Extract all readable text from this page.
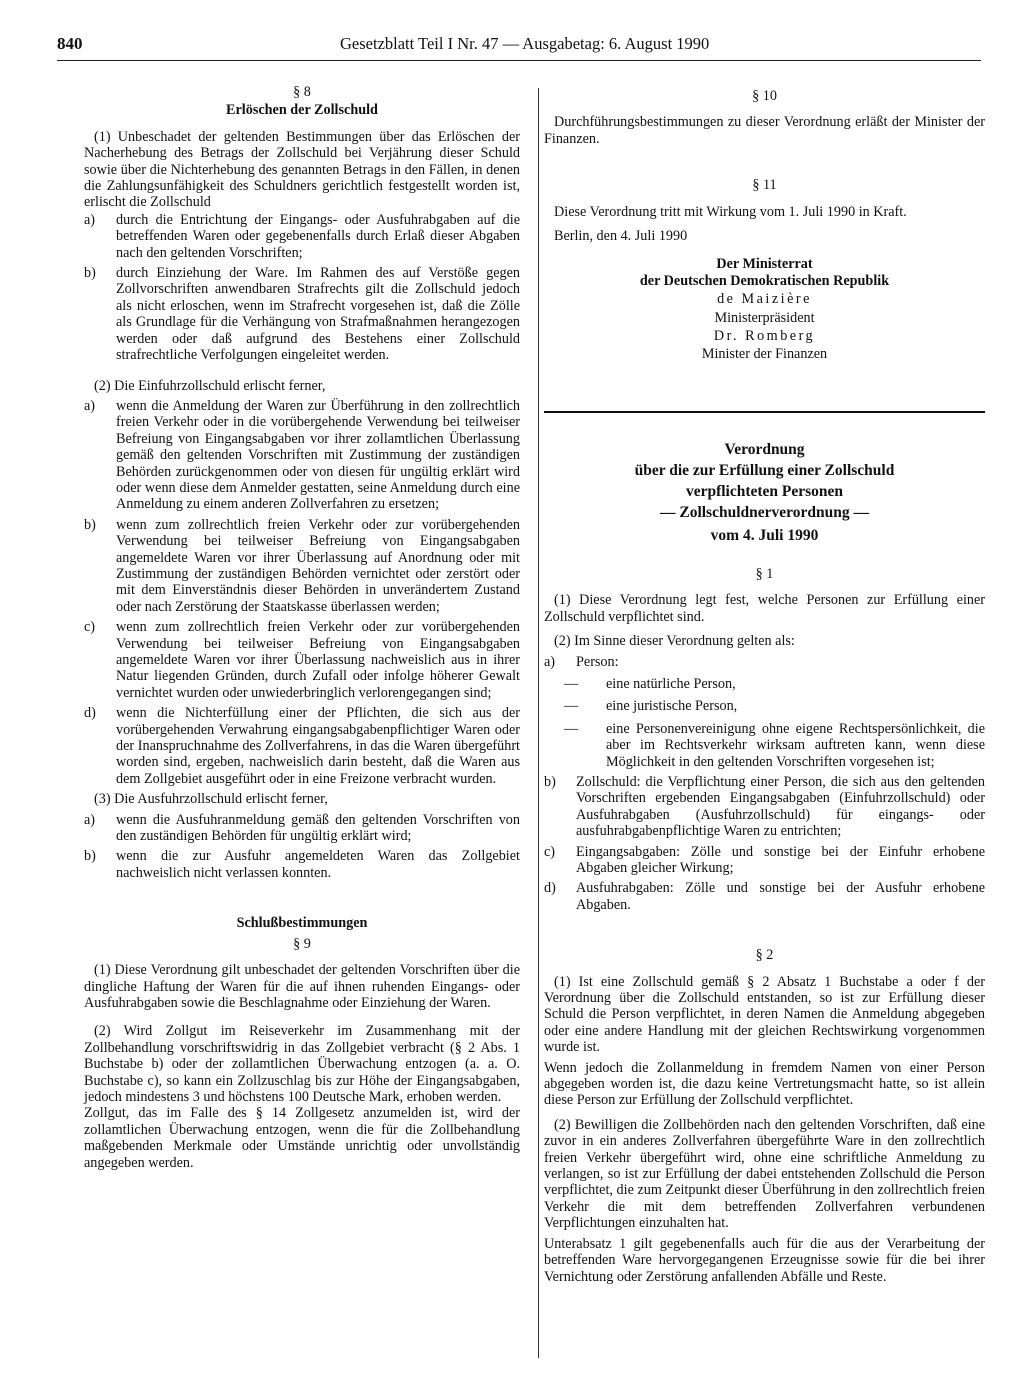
840	Gesetzblatt Teil I Nr. 47 — Ausgabetag: 6. August 1990

§ 8

Erlöschen der Zollschuld

(1) Unbeschadet der geltenden Bestimmungen über das Erlöschen der Nacherhebung des Betrags der Zollschuld bei Verjährung dieser Schuld sowie über die Nichterhebung des genannten Betrags in den Fällen, in denen die Zahlungsunfähigkeit des Schuldners gerichtlich festgestellt worden ist, erlischt die Zollschuld

a) durch die Entrichtung der Eingangs- oder Ausfuhrabgaben auf die betreffenden Waren oder gegebenenfalls durch Erlaß dieser Abgaben nach den geltenden Vorschriften;

b) durch Einziehung der Ware. Im Rahmen des auf Verstöße gegen Zollvorschriften anwendbaren Strafrechts gilt die Zollschuld jedoch als nicht erloschen, wenn im Strafrecht vorgesehen ist, daß die Zölle als Grundlage für die Verhängung von Strafmaßnahmen herangezogen werden oder daß aufgrund des Bestehens einer Zollschuld strafrechtliche Verfolgungen eingeleitet werden.

(2) Die Einfuhrzollschuld erlischt ferner,

a) wenn die Anmeldung der Waren zur Überführung in den zollrechtlich freien Verkehr oder in die vorübergehende Verwendung bei teilweiser Befreiung von Eingangsabgaben vor ihrer zollamtlichen Überlassung gemäß den geltenden Vorschriften mit Zustimmung der zuständigen Behörden zurückgenommen oder von diesen für ungültig erklärt wird oder wenn diese dem Anmelder gestatten, seine Anmeldung durch eine Anmeldung zu einem anderen Zollverfahren zu ersetzen;

b) wenn zum zollrechtlich freien Verkehr oder zur vorübergehenden Verwendung bei teilweiser Befreiung von Eingangsabgaben angemeldete Waren vor ihrer Überlassung auf Anordnung oder mit Zustimmung der zuständigen Behörden vernichtet oder zerstört oder mit dem Einverständnis dieser Behörden in unverändertem Zustand oder nach Zerstörung der Staatskasse überlassen werden;

c) wenn zum zollrechtlich freien Verkehr oder zur vorübergehenden Verwendung bei teilweiser Befreiung von Eingangsabgaben angemeldete Waren vor ihrer Überlassung nachweislich aus in ihrer Natur liegenden Gründen, durch Zufall oder infolge höherer Gewalt vernichtet wurden oder unwiederbringlich verlorengegangen sind;

d) wenn die Nichterfüllung einer der Pflichten, die sich aus der vorübergehenden Verwahrung eingangsabgabenpflichtiger Waren oder der Inanspruchnahme des Zollverfahrens, in das die Waren übergeführt worden sind, ergeben, nachweislich darin besteht, daß die Waren aus dem Zollgebiet ausgeführt oder in eine Freizone verbracht wurden.

(3) Die Ausfuhrzollschuld erlischt ferner,

a) wenn die Ausfuhranmeldung gemäß den geltenden Vorschriften von den zuständigen Behörden für ungültig erklärt wird;

b) wenn die zur Ausfuhr angemeldeten Waren das Zollgebiet nachweislich nicht verlassen konnten.

Schlußbestimmungen

§ 9

(1) Diese Verordnung gilt unbeschadet der geltenden Vorschriften über die dingliche Haftung der Waren für die auf ihnen ruhenden Eingangs- oder Ausfuhrabgaben sowie die Beschlagnahme oder Einziehung der Waren.

(2) Wird Zollgut im Reiseverkehr im Zusammenhang mit der Zollbehandlung vorschriftswidrig in das Zollgebiet verbracht (§ 2 Abs. 1 Buchstabe b) oder der zollamtlichen Überwachung entzogen (a. a. O. Buchstabe c), so kann ein Zollzuschlag bis zur Höhe der Eingangsabgaben, jedoch mindestens 3 und höchstens 100 Deutsche Mark, erhoben werden.

Zollgut, das im Falle des § 14 Zollgesetz anzumelden ist, wird der zollamtlichen Überwachung entzogen, wenn die für die Zollbehandlung maßgebenden Merkmale oder Umstände unrichtig oder unvollständig angegeben werden.

§ 10

Durchführungsbestimmungen zu dieser Verordnung erläßt der Minister der Finanzen.

§ 11

Diese Verordnung tritt mit Wirkung vom 1. Juli 1990 in Kraft.

Berlin, den 4. Juli 1990

Der Ministerrat

der Deutschen Demokratischen Republik

de Maizière

Ministerpräsident

Dr. Romberg

Minister der Finanzen

Verordnung

über die zur Erfüllung einer Zollschuld

verpflichteten Personen

— Zollschuldnerverordnung —

vom 4. Juli 1990

§ 1

(1) Diese Verordnung legt fest, welche Personen zur Erfüllung einer Zollschuld verpflichtet sind.

(2) Im Sinne dieser Verordnung gelten als:

a) Person:

— eine natürliche Person,

— eine juristische Person,

— eine Personenvereinigung ohne eigene Rechtspersönlichkeit, die aber im Rechtsverkehr wirksam auftreten kann, wenn diese Möglichkeit in den geltenden Vorschriften vorgesehen ist;

b) Zollschuld: die Verpflichtung einer Person, die sich aus den geltenden Vorschriften ergebenden Eingangsabgaben (Einfuhrzollschuld) oder Ausfuhrabgaben (Ausfuhrzollschuld) für eingangs- oder ausfuhrabgabenpflichtige Waren zu entrichten;

c) Eingangsabgaben: Zölle und sonstige bei der Einfuhr erhobene Abgaben gleicher Wirkung;

d) Ausfuhrabgaben: Zölle und sonstige bei der Ausfuhr erhobene Abgaben.

§ 2

(1) Ist eine Zollschuld gemäß § 2 Absatz 1 Buchstabe a oder f der Verordnung über die Zollschuld entstanden, so ist zur Erfüllung dieser Schuld die Person verpflichtet, in deren Namen die Anmeldung abgegeben oder eine andere Handlung mit der gleichen Rechtswirkung vorgenommen wurde ist.

Wenn jedoch die Zollanmeldung in fremdem Namen von einer Person abgegeben worden ist, die dazu keine Vertretungsmacht hatte, so ist allein diese Person zur Erfüllung der Zollschuld verpflichtet.

(2) Bewilligen die Zollbehörden nach den geltenden Vorschriften, daß eine zuvor in ein anderes Zollverfahren übergeführte Ware in den zollrechtlich freien Verkehr übergeführt wird, ohne eine schriftliche Anmeldung zu verlangen, so ist zur Erfüllung der dabei entstehenden Zollschuld die Person verpflichtet, die zum Zeitpunkt dieser Überführung in den zollrechtlich freien Verkehr die mit dem betreffenden Zollverfahren verbundenen Verpflichtungen einzuhalten hat.

Unterabsatz 1 gilt gegebenenfalls auch für die aus der Verarbeitung der betreffenden Ware hervorgegangenen Erzeugnisse sowie für die bei ihrer Vernichtung oder Zerstörung anfallenden Abfälle und Reste.
